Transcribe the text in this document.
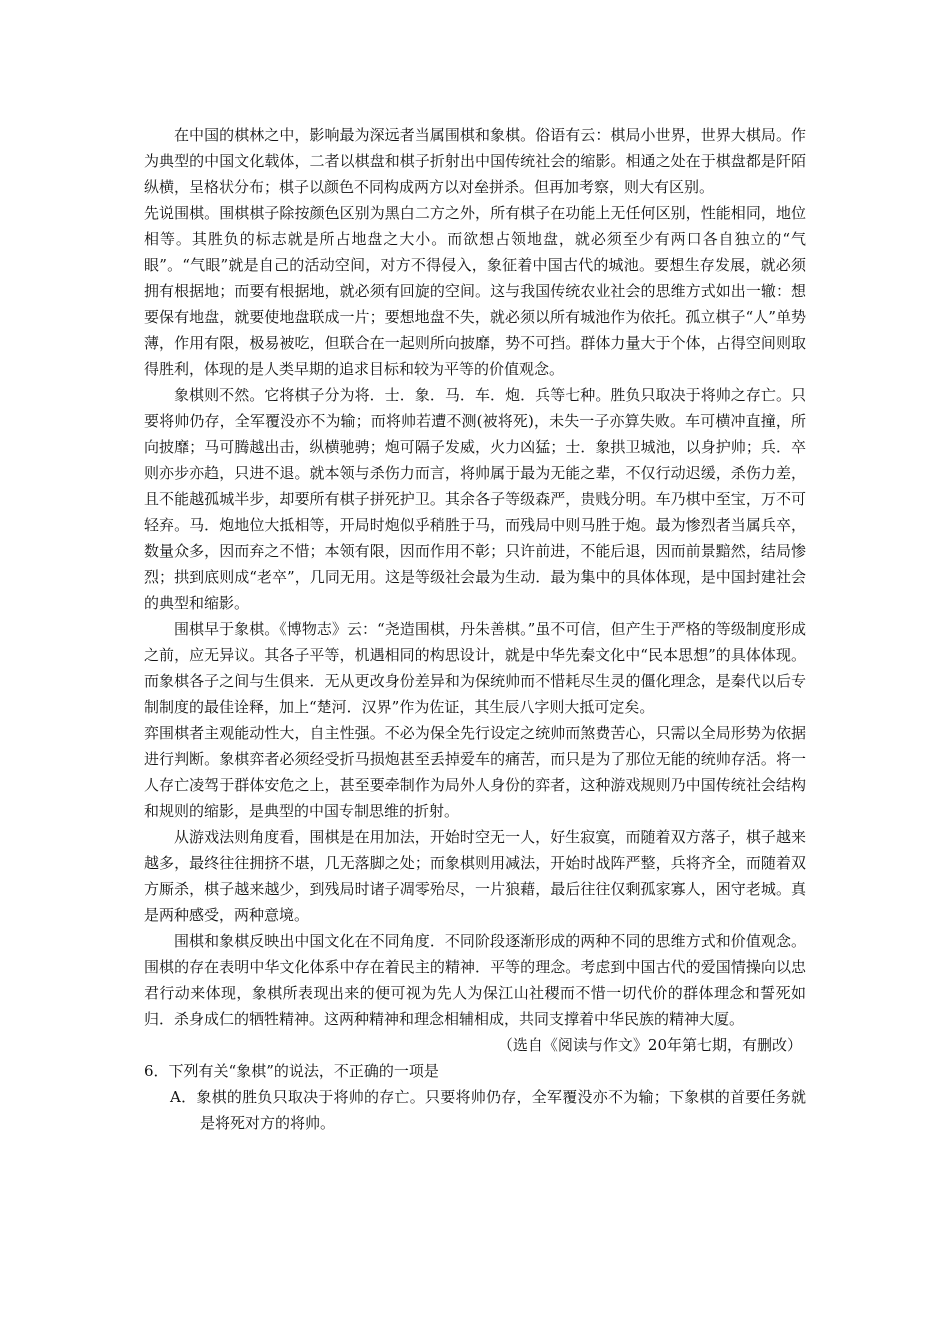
在中国的棋林之中，影响最为深远者当属围棋和象棋。俗语有云：棋局小世界，世界大棋局。作为典型的中国文化载体，二者以棋盘和棋子折射出中国传统社会的缩影。相通之处在于棋盘都是阡陌纵横，呈格状分布；棋子以颜色不同构成两方以对垒拼杀。但再加考察，则大有区别。

先说围棋。围棋棋子除按颜色区别为黑白二方之外，所有棋子在功能上无任何区别，性能相同，地位相等。其胜负的标志就是所占地盘之大小。而欲想占领地盘，就必须至少有两口各自独立的“气眼”。“气眼”就是自己的活动空间，对方不得侵入，象征着中国古代的城池。要想生存发展，就必须拥有根据地；而要有根据地，就必须有回旋的空间。这与我国传统农业社会的思维方式如出一辙：想要保有地盘，就要使地盘联成一片；要想地盘不失，就必须以所有城池作为依托。孤立棋子“人”单势薄，作用有限，极易被吃，但联合在一起则所向披靡，势不可挡。群体力量大于个体，占得空间则取得胜利，体现的是人类早期的追求目标和较为平等的价值观念。

象棋则不然。它将棋子分为将．士．象．马．车．炮．兵等七种。胜负只取决于将帅之存亡。只要将帅仍存，全军覆没亦不为输；而将帅若遭不测(被将死)，未失一子亦算失败。车可横冲直撞，所向披靡；马可腾越出击，纵横驰骋；炮可隔子发威，火力凶猛；士．象拱卫城池，以身护帅；兵．卒则亦步亦趋，只进不退。就本领与杀伤力而言，将帅属于最为无能之辈，不仅行动迟缓，杀伤力差，且不能越孤城半步，却要所有棋子拼死护卫。其余各子等级森严，贵贱分明。车乃棋中至宝，万不可轻弃。马．炮地位大抵相等，开局时炮似乎稍胜于马，而残局中则马胜于炮。最为惨烈者当属兵卒，数量众多，因而弃之不惜；本领有限，因而作用不彰；只许前进，不能后退，因而前景黯然，结局惨烈；拱到底则成“老卒”，几同无用。这是等级社会最为生动．最为集中的具体体现，是中国封建社会的典型和缩影。

围棋早于象棋。《博物志》云：“尧造围棋，丹朱善棋。”虽不可信，但产生于严格的等级制度形成之前，应无异议。其各子平等，机遇相同的构思设计，就是中华先秦文化中“民本思想”的具体体现。而象棋各子之间与生俱来．无从更改身份差异和为保统帅而不惜耗尽生灵的僵化理念，是秦代以后专制制度的最佳诠释，加上“楚河．汉界”作为佐证，其生辰八字则大抵可定矣。

弈围棋者主观能动性大，自主性强。不必为保全先行设定之统帅而煞费苦心，只需以全局形势为依据进行判断。象棋弈者必须经受折马损炮甚至丢掉爱车的痛苦，而只是为了那位无能的统帅存活。将一人存亡凌驾于群体安危之上，甚至要牵制作为局外人身份的弈者，这种游戏规则乃中国传统社会结构和规则的缩影，是典型的中国专制思维的折射。

从游戏法则角度看，围棋是在用加法，开始时空无一人，好生寂寞，而随着双方落子，棋子越来越多，最终往往拥挤不堪，几无落脚之处；而象棋则用减法，开始时战阵严整，兵将齐全，而随着双方厮杀，棋子越来越少，到残局时诸子凋零殆尽，一片狼藉，最后往往仅剩孤家寡人，困守老城。真是两种感受，两种意境。

围棋和象棋反映出中国文化在不同角度．不同阶段逐渐形成的两种不同的思维方式和价值观念。围棋的存在表明中华文化体系中存在着民主的精神．平等的理念。考虑到中国古代的爱国情操向以忠君行动来体现，象棋所表现出来的便可视为先人为保江山社稷而不惜一切代价的群体理念和誓死如归．杀身成仁的牺牲精神。这两种精神和理念相辅相成，共同支撑着中华民族的精神大厦。

（选自《阅读与作文》20年第七期，有删改）

6．下列有关“象棋”的说法，不正确的一项是

A．象棋的胜负只取决于将帅的存亡。只要将帅仍存，全军覆没亦不为输；下象棋的首要任务就是将死对方的将帅。
